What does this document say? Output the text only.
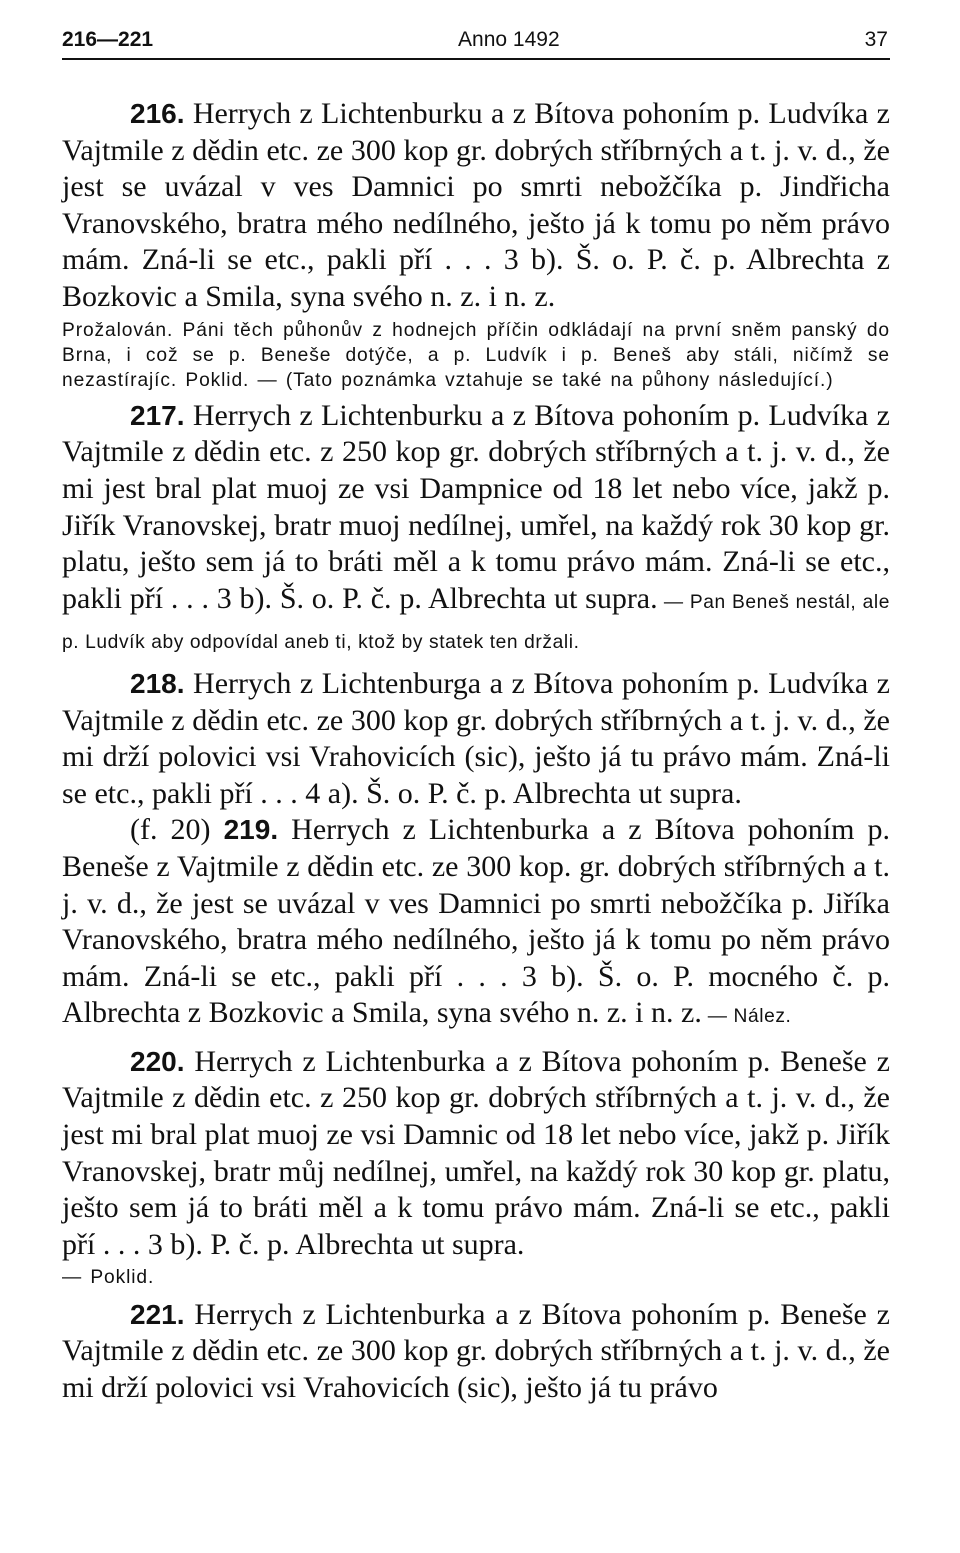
216—221	Anno 1492	37

216. Herrych z Lichtenburku a z Bítova pohoním p. Ludvíka z Vajtmile z dědin etc. ze 300 kop gr. dobrých stříbrných a t. j. v. d., že jest se uvázal v ves Damnici po smrti nebožčíka p. Jindřicha Vranovského, bratra mého nedílného, ješto já k tomu po něm právo mám. Zná-li se etc., pakli pří . . . 3 b). Š. o. P. č. p. Albrechta z Bozkovic a Smila, syna svého n. z. i n. z.

Prožalován. Páni těch půhonův z hodnejch příčin odkládají na první sněm panský do Brna, i což se p. Beneše dotýče, a p. Ludvík i p. Beneš aby stáli, ničímž se nezastírajíc. Poklid. — (Tato poznámka vztahuje se také na půhony následující.)

217. Herrych z Lichtenburku a z Bítova pohoním p. Ludvíka z Vajtmile z dědin etc. z 250 kop gr. dobrých stříbrných a t. j. v. d., že mi jest bral plat muoj ze vsi Dampnice od 18 let nebo více, jakž p. Jiřík Vranovskej, bratr muoj nedílnej, umřel, na každý rok 30 kop gr. platu, ješto sem já to bráti měl a k tomu právo mám. Zná-li se etc., pakli pří . . . 3 b). Š. o. P. č. p. Albrechta ut supra. — Pan Beneš nestál, ale p. Ludvík aby odpovídal aneb ti, ktož by statek ten držali.

218. Herrych z Lichtenburga a z Bítova pohoním p. Ludvíka z Vajtmile z dědin etc. ze 300 kop gr. dobrých stříbrných a t. j. v. d., že mi drží polovici vsi Vrahovicích (sic), ješto já tu právo mám. Zná-li se etc., pakli pří . . . 4 a). Š. o. P. č. p. Albrechta ut supra.

(f. 20) 219. Herrych z Lichtenburka a z Bítova pohoním p. Beneše z Vajtmile z dědin etc. ze 300 kop. gr. dobrých stříbrných a t. j. v. d., že jest se uvázal v ves Damnici po smrti nebožčíka p. Jiříka Vranovského, bratra mého nedílného, ješto já k tomu po něm právo mám. Zná-li se etc., pakli pří . . . 3 b). Š. o. P. mocného č. p. Albrechta z Bozkovic a Smila, syna svého n. z. i n. z. — Nález.

220. Herrych z Lichtenburka a z Bítova pohoním p. Beneše z Vajtmile z dědin etc. z 250 kop gr. dobrých stříbrných a t. j. v. d., že jest mi bral plat muoj ze vsi Damnic od 18 let nebo více, jakž p. Jiřík Vranovskej, bratr můj nedílnej, umřel, na každý rok 30 kop gr. platu, ješto sem já to bráti měl a k tomu právo mám. Zná-li se etc., pakli pří . . . 3 b). P. č. p. Albrechta ut supra.

— Poklid.

221. Herrych z Lichtenburka a z Bítova pohoním p. Beneše z Vajtmile z dědin etc. ze 300 kop gr. dobrých stříbrných a t. j. v. d., že mi drží polovici vsi Vrahovicích (sic), ješto já tu právo
